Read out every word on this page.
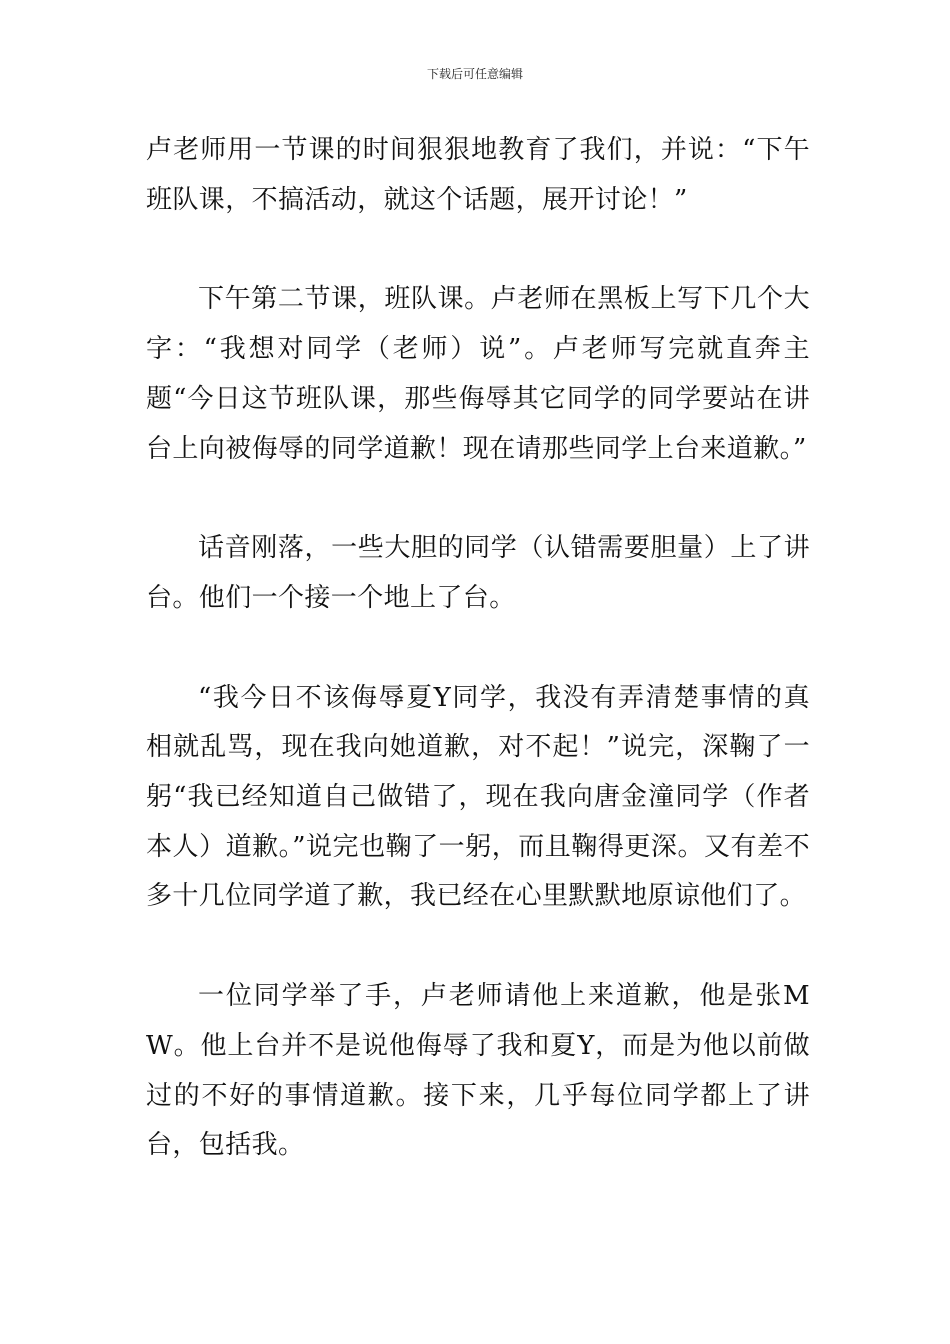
下载后可任意编辑

卢老师用一节课的时间狠狠地教育了我们，并说：“下午班队课，不搞活动，就这个话题，展开讨论！”

下午第二节课，班队课。卢老师在黑板上写下几个大字：“我想对同学（老师）说”。卢老师写完就直奔主题“今日这节班队课，那些侮辱其它同学的同学要站在讲台上向被侮辱的同学道歉！现在请那些同学上台来道歉。”

话音刚落，一些大胆的同学（认错需要胆量）上了讲台。他们一个接一个地上了台。

“我今日不该侮辱夏Y同学，我没有弄清楚事情的真相就乱骂，现在我向她道歉，对不起！”说完，深鞠了一躬“我已经知道自己做错了，现在我向唐金潼同学（作者本人）道歉。”说完也鞠了一躬，而且鞠得更深。又有差不多十几位同学道了歉，我已经在心里默默地原谅他们了。

一位同学举了手，卢老师请他上来道歉，他是张MW。他上台并不是说他侮辱了我和夏Y，而是为他以前做过的不好的事情道歉。接下来，几乎每位同学都上了讲台，包括我。
